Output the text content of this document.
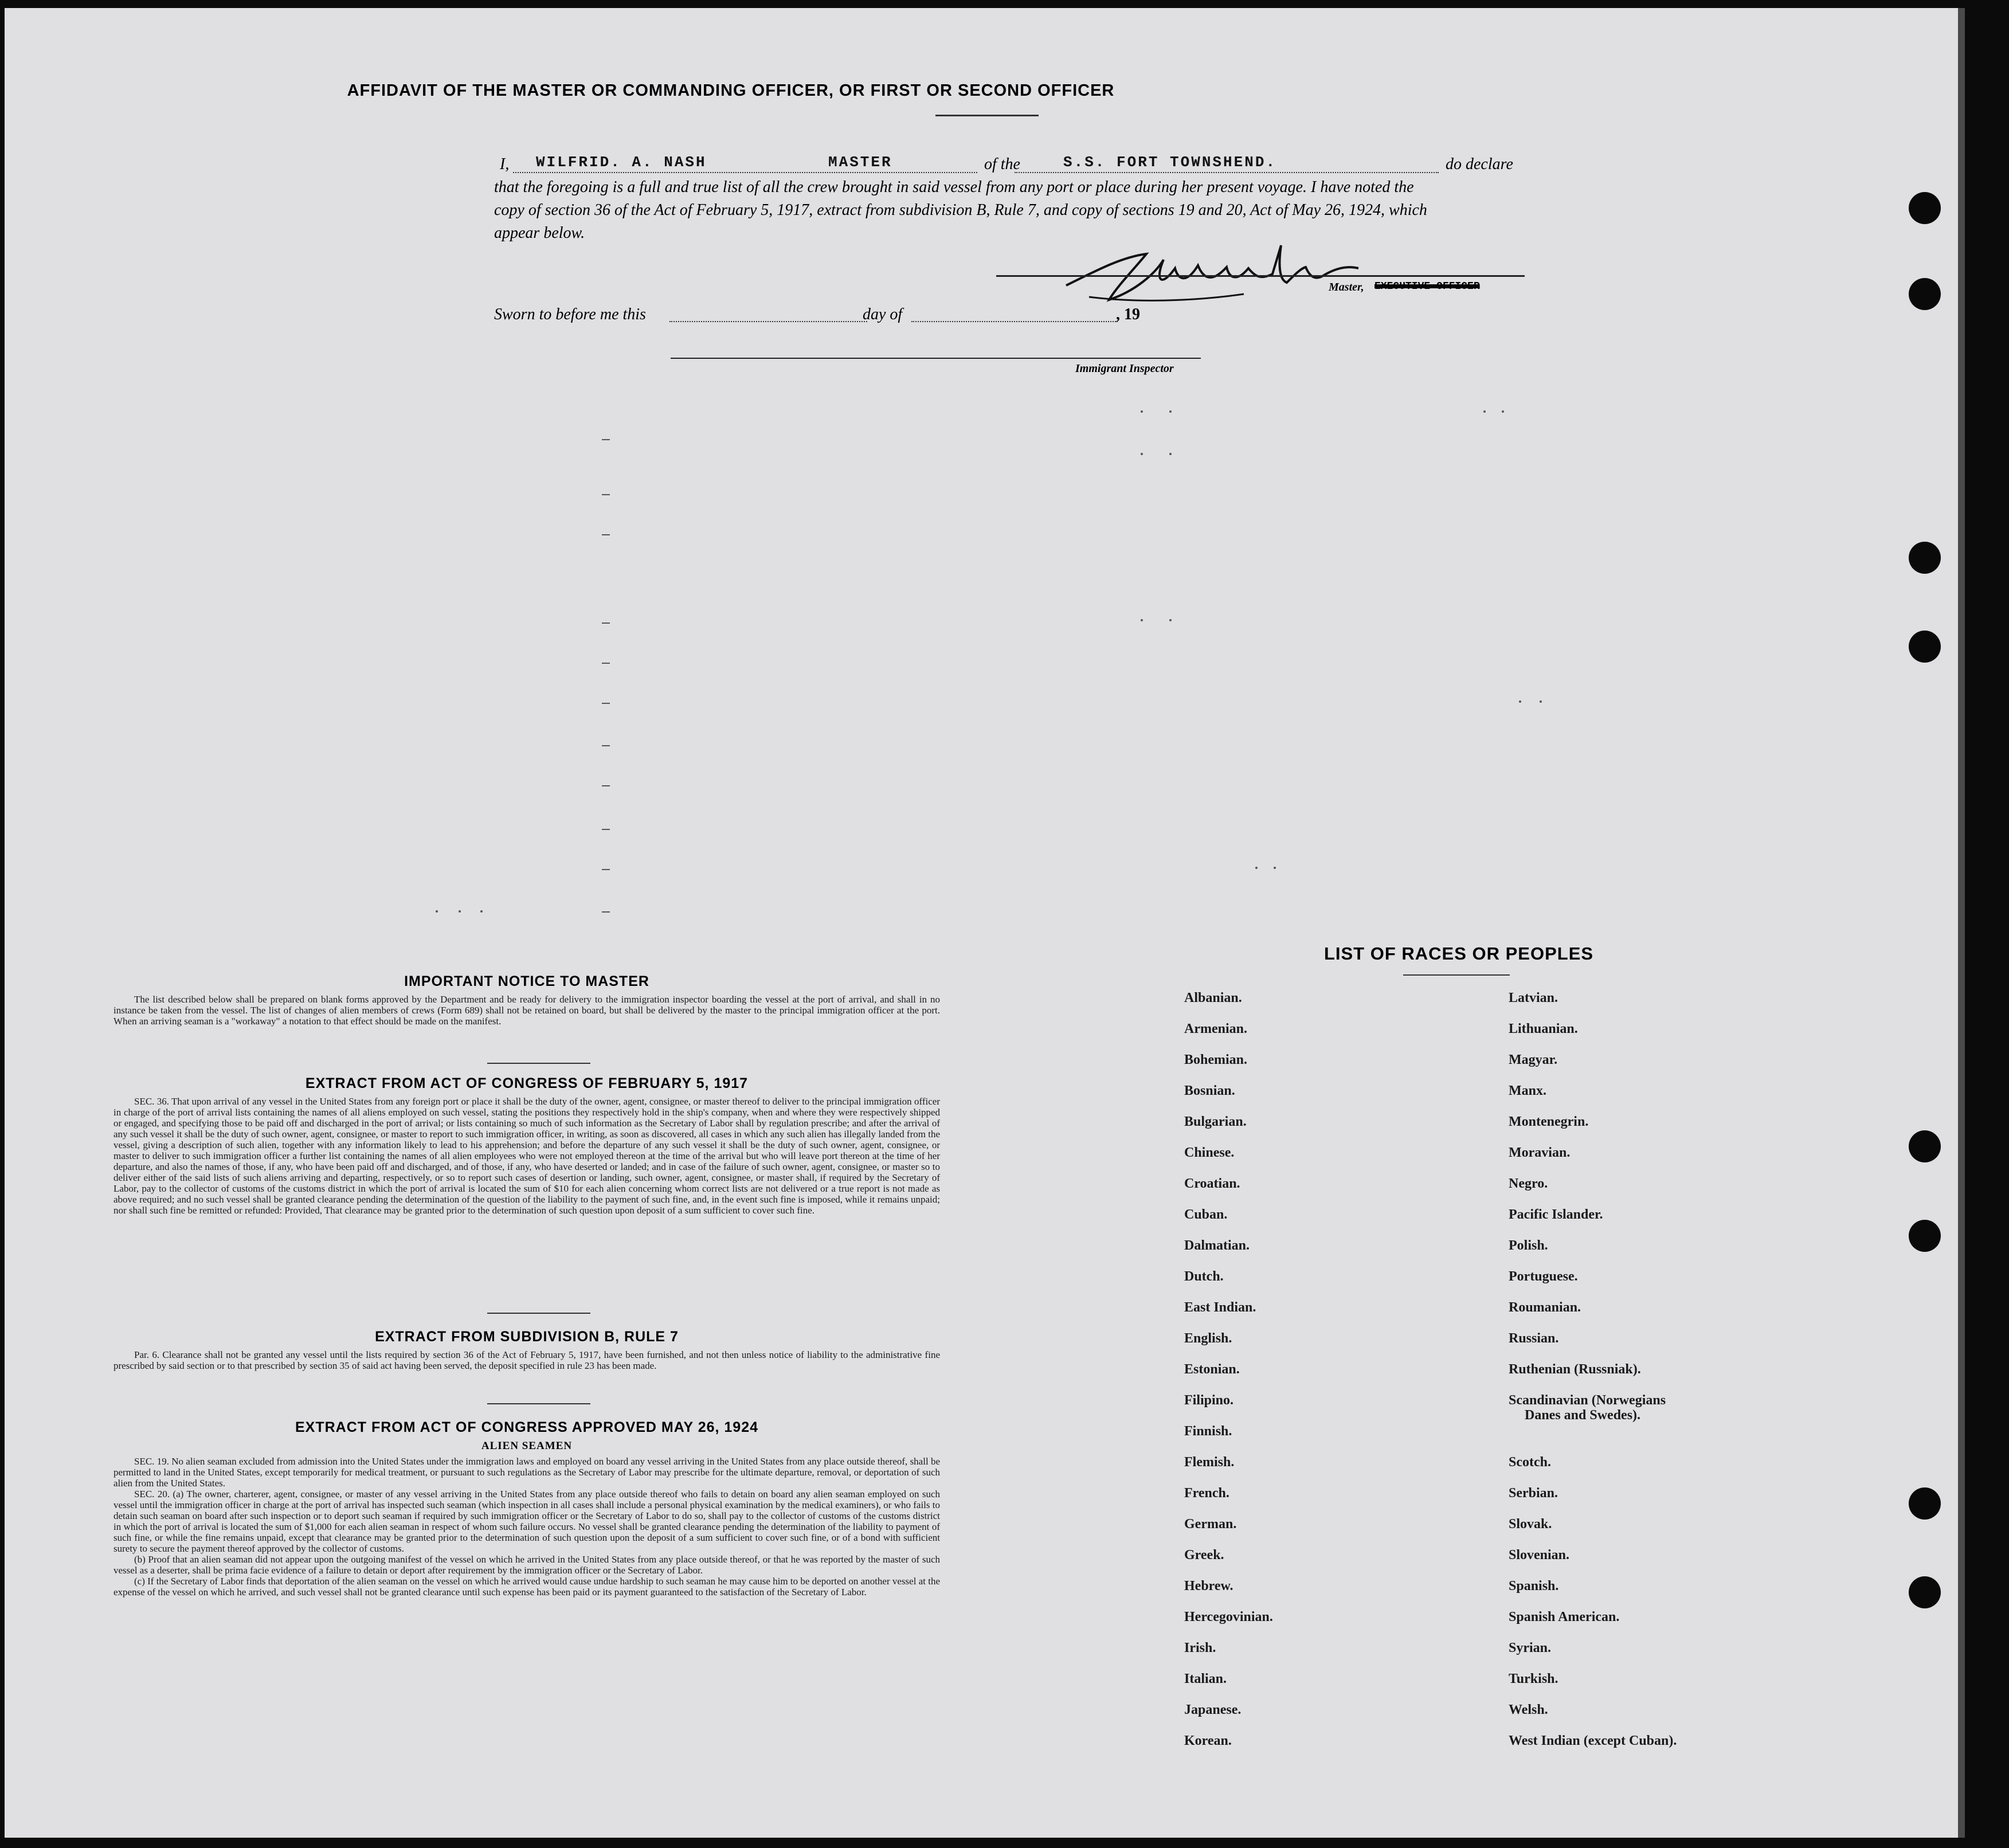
AFFIDAVIT OF THE MASTER OR COMMANDING OFFICER, OR FIRST OR SECOND OFFICER
I,	of the	do declare
WILFRID. A. NASH	MASTER	S.S. FORT TOWNSHEND.
that the foregoing is a full and true list of all the crew brought in said vessel from any port or place during her present voyage. I have noted the
copy of section 36 of the Act of February 5, 1917, extract from subdivision B, Rule 7, and copy of sections 19 and 20, Act of May 26, 1924, which
appear below.
Master, EXECUTIVE OFFICER
Sworn to before me this	day of	, 19
Immigrant Inspector
IMPORTANT NOTICE TO MASTER

The list described below shall be prepared on blank forms approved by the Department and be ready for delivery to the immigration inspector boarding the vessel at the port of arrival, and shall in no instance be taken from the vessel. The list of changes of alien members of crews (Form 689) shall not be retained on board, but shall be delivered by the master to the principal immigration officer at the port. When an arriving seaman is a "workaway" a notation to that effect should be made on the manifest.

EXTRACT FROM ACT OF CONGRESS OF FEBRUARY 5, 1917

SEC. 36. That upon arrival of any vessel in the United States from any foreign port or place it shall be the duty of the owner, agent, consignee, or master thereof to deliver to the principal immigration officer in charge of the port of arrival lists containing the names of all aliens employed on such vessel, stating the positions they respectively hold in the ship's company, when and where they were respectively shipped or engaged, and specifying those to be paid off and discharged in the port of arrival; or lists containing so much of such information as the Secretary of Labor shall by regulation prescribe; and after the arrival of any such vessel it shall be the duty of such owner, agent, consignee, or master to report to such immigration officer, in writing, as soon as discovered, all cases in which any such alien has illegally landed from the vessel, giving a description of such alien, together with any information likely to lead to his apprehension; and before the departure of any such vessel it shall be the duty of such owner, agent, consignee, or master to deliver to such immigration officer a further list containing the names of all alien employees who were not employed thereon at the time of the arrival but who will leave port thereon at the time of her departure, and also the names of those, if any, who have been paid off and discharged, and of those, if any, who have deserted or landed; and in case of the failure of such owner, agent, consignee, or master so to deliver either of the said lists of such aliens arriving and departing, respectively, or so to report such cases of desertion or landing, such owner, agent, consignee, or master shall, if required by the Secretary of Labor, pay to the collector of customs of the customs district in which the port of arrival is located the sum of $10 for each alien concerning whom correct lists are not delivered or a true report is not made as above required; and no such vessel shall be granted clearance pending the determination of the question of the liability to the payment of such fine, and, in the event such fine is imposed, while it remains unpaid; nor shall such fine be remitted or refunded: Provided, That clearance may be granted prior to the determination of such question upon deposit of a sum sufficient to cover such fine.

EXTRACT FROM SUBDIVISION B, RULE 7

Par. 6. Clearance shall not be granted any vessel until the lists required by section 36 of the Act of February 5, 1917, have been furnished, and not then unless notice of liability to the administrative fine prescribed by said section or to that prescribed by section 35 of said act having been served, the deposit specified in rule 23 has been made.

EXTRACT FROM ACT OF CONGRESS APPROVED MAY 26, 1924
ALIEN SEAMEN

SEC. 19. No alien seaman excluded from admission into the United States under the immigration laws and employed on board any vessel arriving in the United States from any place outside thereof, shall be permitted to land in the United States, except temporarily for medical treatment, or pursuant to such regulations as the Secretary of Labor may prescribe for the ultimate departure, removal, or deportation of such alien from the United States.

SEC. 20. (a) The owner, charterer, agent, consignee, or master of any vessel arriving in the United States from any place outside thereof who fails to detain on board any alien seaman employed on such vessel until the immigration officer in charge at the port of arrival has inspected such seaman (which inspection in all cases shall include a personal physical examination by the medical examiners), or who fails to detain such seaman on board after such inspection or to deport such seaman if required by such immigration officer or the Secretary of Labor to do so, shall pay to the collector of customs of the customs district in which the port of arrival is located the sum of $1,000 for each alien seaman in respect of whom such failure occurs. No vessel shall be granted clearance pending the determination of the liability to payment of such fine, or while the fine remains unpaid, except that clearance may be granted prior to the determination of such question upon the deposit of a sum sufficient to cover such fine, or of a bond with sufficient surety to secure the payment thereof approved by the collector of customs.

(b) Proof that an alien seaman did not appear upon the outgoing manifest of the vessel on which he arrived in the United States from any place outside thereof, or that he was reported by the master of such vessel as a deserter, shall be prima facie evidence of a failure to detain or deport after requirement by the immigration officer or the Secretary of Labor.

(c) If the Secretary of Labor finds that deportation of the alien seaman on the vessel on which he arrived would cause undue hardship to such seaman he may cause him to be deported on another vessel at the expense of the vessel on which he arrived, and such vessel shall not be granted clearance until such expense has been paid or its payment guaranteed to the satisfaction of the Secretary of Labor.

LIST OF RACES OR PEOPLES
Albanian.
Armenian.
Bohemian.
Bosnian.
Bulgarian.
Chinese.
Croatian.
Cuban.
Dalmatian.
Dutch.
East Indian.
English.
Estonian.
Filipino.
Finnish.
Flemish.
French.
German.
Greek.
Hebrew.
Hercegovinian.
Irish.
Italian.
Japanese.
Korean.
Latvian.
Lithuanian.
Magyar.
Manx.
Montenegrin.
Moravian.
Negro.
Pacific Islander.
Polish.
Portuguese.
Roumanian.
Russian.
Ruthenian (Russniak).
Scandinavian (Norwegians
Danes and Swedes).
Scotch.
Serbian.
Slovak.
Slovenian.
Spanish.
Spanish American.
Syrian.
Turkish.
Welsh.
West Indian (except Cuban).
